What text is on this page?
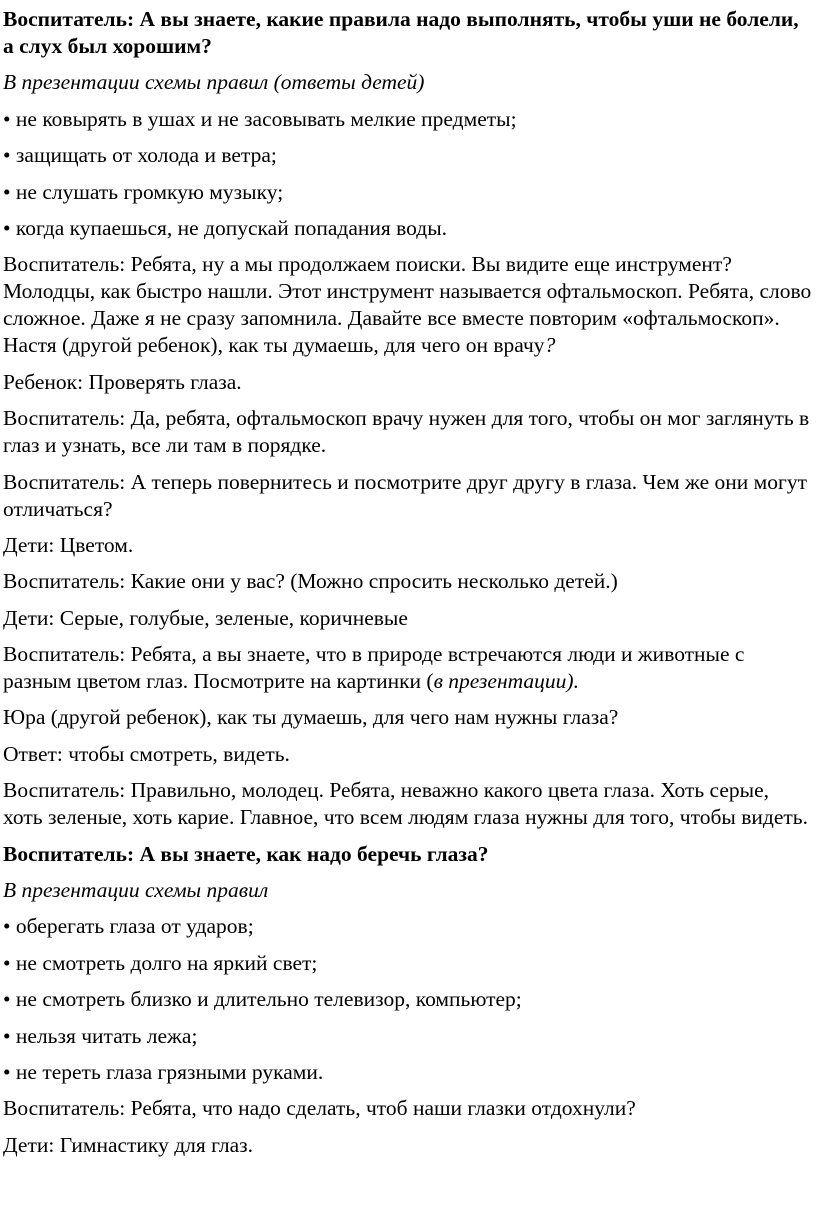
Воспитатель: А вы знаете, какие правила надо выполнять, чтобы уши не болели, а слух был хорошим?

В презентации схемы правил (ответы детей)

• не ковырять в ушах и не засовывать мелкие предметы;

• защищать от холода и ветра;

• не слушать громкую музыку;

• когда купаешься, не допускай попадания воды.

Воспитатель: Ребята, ну а мы продолжаем поиски. Вы видите еще инструмент? Молодцы, как быстро нашли. Этот инструмент называется офтальмоскоп. Ребята, слово сложное. Даже я не сразу запомнила. Давайте все вместе повторим «офтальмоскоп». Настя (другой ребенок), как ты думаешь, для чего он врачу?

Ребенок: Проверять глаза.

Воспитатель: Да, ребята, офтальмоскоп врачу нужен для того, чтобы он мог заглянуть в глаз и узнать, все ли там в порядке.

Воспитатель: А теперь повернитесь и посмотрите друг другу в глаза. Чем же они могут отличаться?

Дети: Цветом.

Воспитатель: Какие они у вас? (Можно спросить несколько детей.)

Дети: Серые, голубые, зеленые, коричневые

Воспитатель: Ребята, а вы знаете, что в природе встречаются люди и животные с разным цветом глаз. Посмотрите на картинки (в презентации).

Юра (другой ребенок), как ты думаешь, для чего нам нужны глаза?

Ответ: чтобы смотреть, видеть.

Воспитатель: Правильно, молодец. Ребята, неважно какого цвета глаза. Хоть серые, хоть зеленые, хоть карие. Главное, что всем людям глаза нужны для того, чтобы видеть.

Воспитатель: А вы знаете, как надо беречь глаза?

В презентации схемы правил

• оберегать глаза от ударов;

• не смотреть долго на яркий свет;

• не смотреть близко и длительно телевизор, компьютер;

• нельзя читать лежа;

• не тереть глаза грязными руками.

Воспитатель: Ребята, что надо сделать, чтоб наши глазки отдохнули?

Дети: Гимнастику для глаз.
